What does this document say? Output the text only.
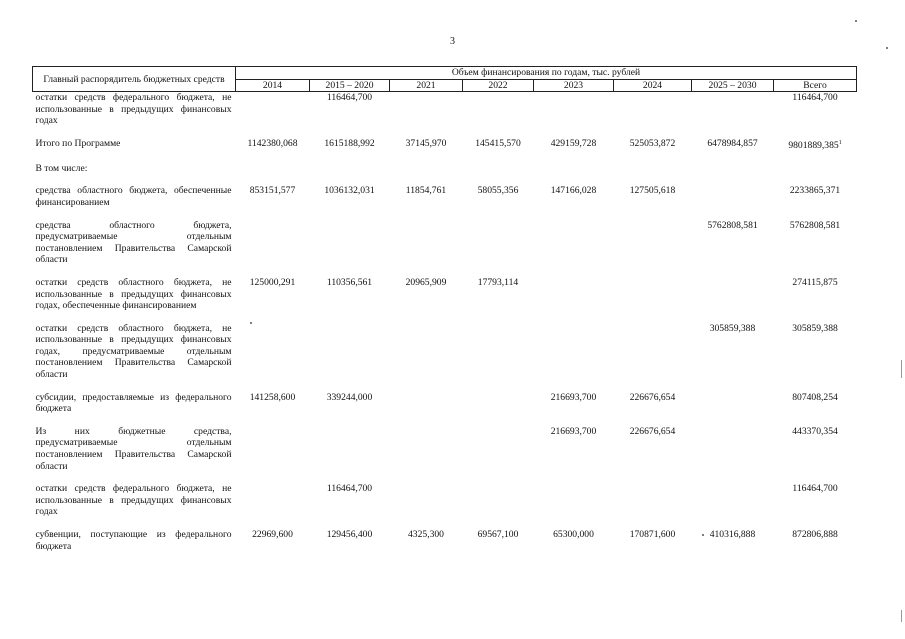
3
Главный распорядитель бюджетных средств	Объем финансирования по годам, тыс. рублей							
	2014	2015 – 2020	2021	2022	2023	2024	2025 – 2030	Всего
остатки средств федерального бюджета, не использованные в предыдущих финансовых годах		116464,700						116464,700

Итого по Программе	1142380,068	1615188,992	37145,970	145415,570	429159,728	525053,872	6478984,857	9801889,385$^1$

В том числе:								

средства областного бюджета, обеспеченные финансированием	853151,577	1036132,031	11854,761	58055,356	147166,028	127505,618		2233865,371

средства областного бюджета, предусматриваемые отдельным постановлением Правительства Самарской области							5762808,581	5762808,581

остатки средств областного бюджета, не использованные в предыдущих финансовых годах, обеспеченные финансированием	125000,291	110356,561	20965,909	17793,114				274115,875

остатки средств областного бюджета, не использованные в предыдущих финансовых годах, предусматриваемые отдельным постановлением Правительства Самарской области							305859,388	305859,388

субсидии, предоставляемые из федерального бюджета	141258,600	339244,000			216693,700	226676,654		807408,254

Из них бюджетные средства, предусматриваемые отдельным постановлением Правительства Самарской области					216693,700	226676,654		443370,354

остатки средств федерального бюджета, не использованные в предыдущих финансовых годах		116464,700						116464,700

субвенции, поступающие из федерального бюджета	22969,600	129456,400	4325,300	69567,100	65300,000	170871,600	410316,888	872806,888
